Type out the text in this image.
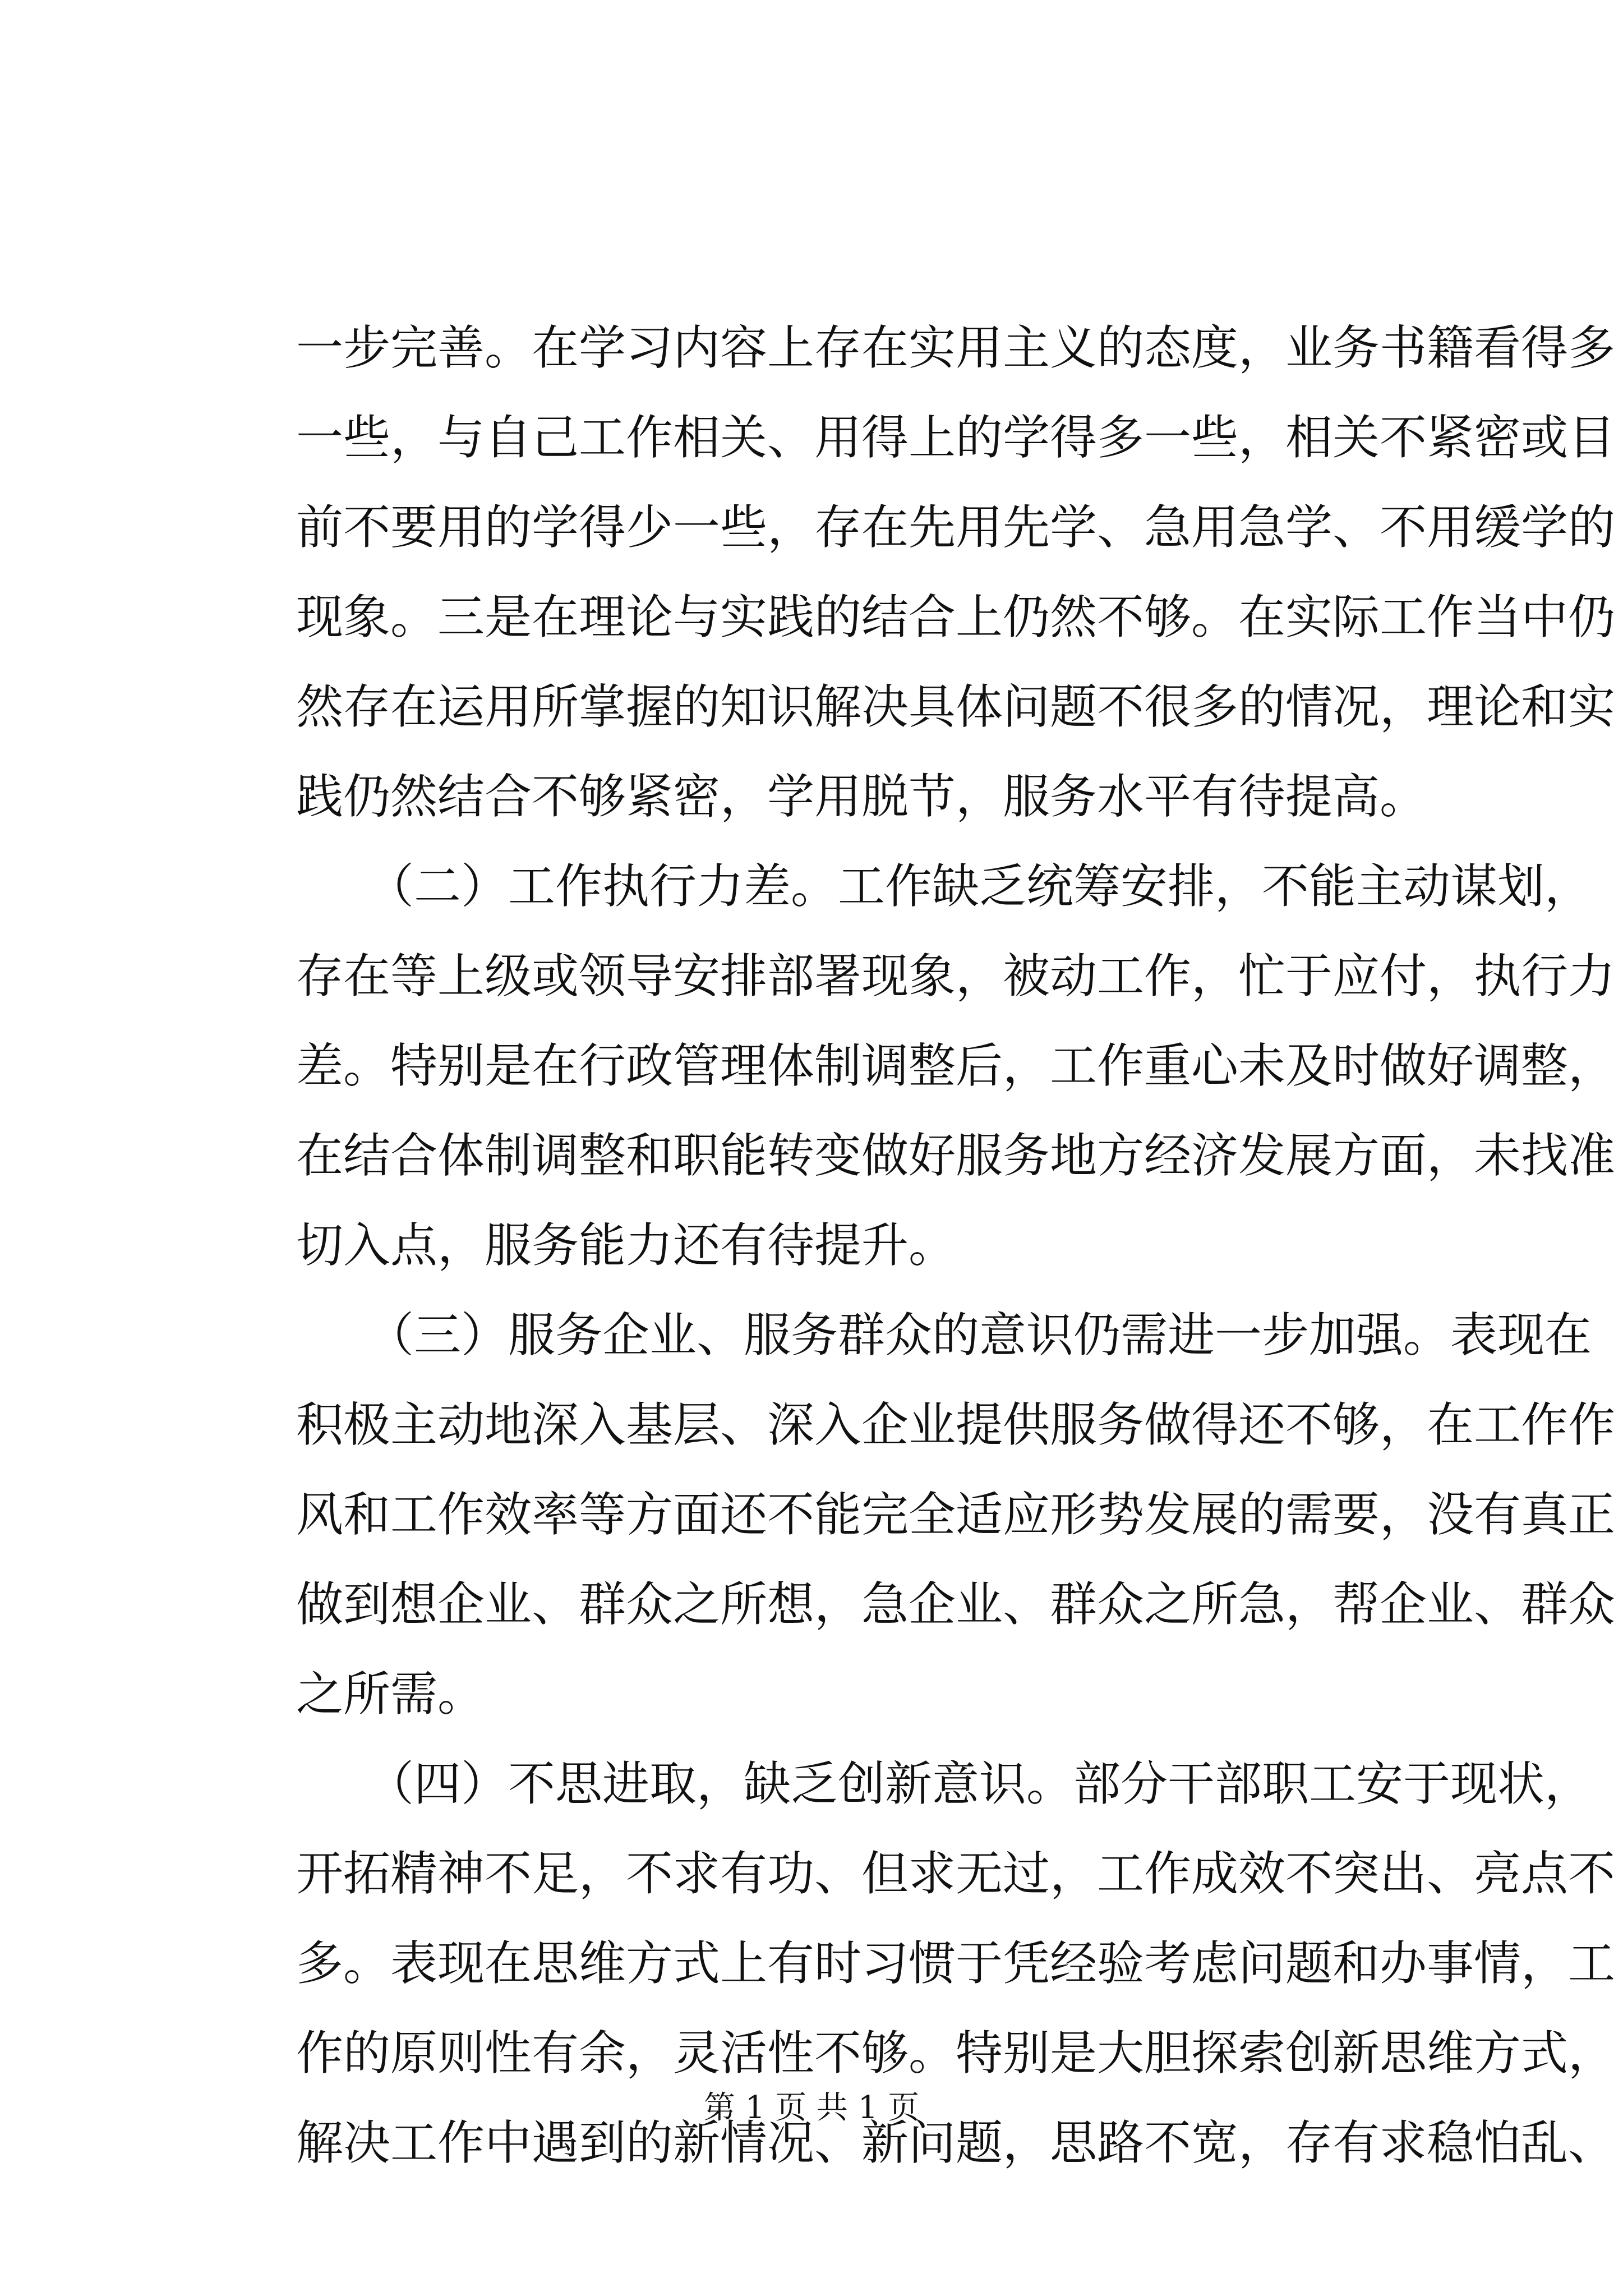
一步完善。在学习内容上存在实用主义的态度，业务书籍看得多
一些，与自己工作相关、用得上的学得多一些，相关不紧密或目
前不要用的学得少一些，存在先用先学、急用急学、不用缓学的
现象。三是在理论与实践的结合上仍然不够。在实际工作当中仍
然存在运用所掌握的知识解决具体问题不很多的情况，理论和实
践仍然结合不够紧密，学用脱节，服务水平有待提高。
　　（二）工作执行力差。工作缺乏统筹安排，不能主动谋划，
存在等上级或领导安排部署现象，被动工作，忙于应付，执行力
差。特别是在行政管理体制调整后，工作重心未及时做好调整，
在结合体制调整和职能转变做好服务地方经济发展方面，未找准
切入点，服务能力还有待提升。
　　（三）服务企业、服务群众的意识仍需进一步加强。表现在
积极主动地深入基层、深入企业提供服务做得还不够，在工作作
风和工作效率等方面还不能完全适应形势发展的需要，没有真正
做到想企业、群众之所想，急企业、群众之所急，帮企业、群众
之所需。
　　（四）不思进取，缺乏创新意识。部分干部职工安于现状，
开拓精神不足，不求有功、但求无过，工作成效不突出、亮点不
多。表现在思维方式上有时习惯于凭经验考虑问题和办事情，工
作的原则性有余，灵活性不够。特别是大胆探索创新思维方式，
解决工作中遇到的新情况、新问题，思路不宽，存有求稳怕乱、
第 1 页 共 1 页
